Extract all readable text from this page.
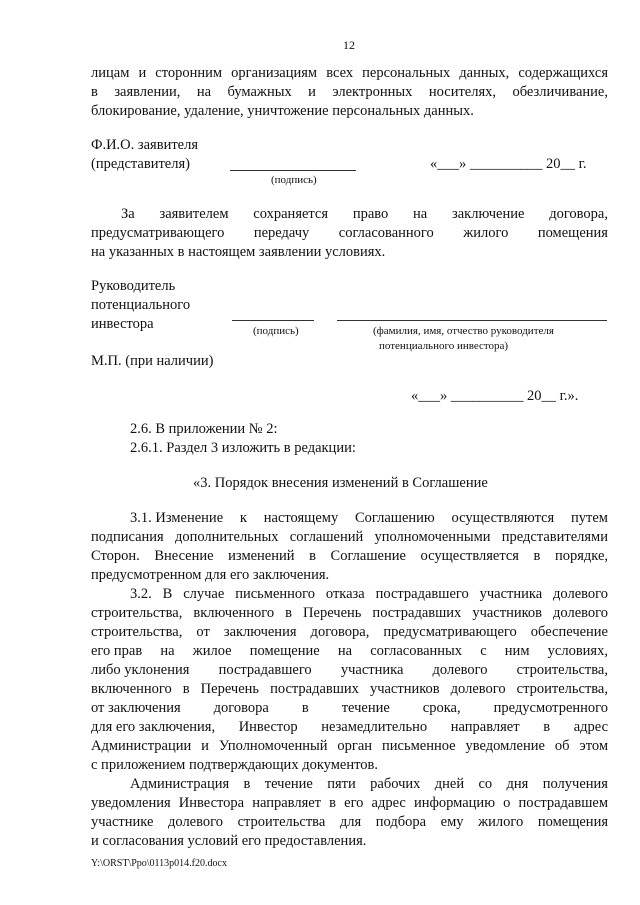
12
лицам и сторонним организациям всех персональных данных, содержащихся
в заявлении, на бумажных и электронных носителях, обезличивание,
блокирование, удаление, уничтожение персональных данных.
Ф.И.О. заявителя
(представителя)	«___» __________ 20__ г.
(подпись)
За заявителем сохраняется право на заключение договора,
предусматривающего передачу согласованного жилого помещения
на указанных в настоящем заявлении условиях.
Руководитель
потенциального
инвестора	(подпись)	(фамилия, имя, отчество руководителя
потенциального инвестора)
М.П. (при наличии)
«___» __________ 20__ г.».
2.6. В приложении № 2:
2.6.1. Раздел 3 изложить в редакции:
«3. Порядок внесения изменений в Соглашение
3.1. Изменение к настоящему Соглашению осуществляются путем
подписания дополнительных соглашений уполномоченными представителями
Сторон. Внесение изменений в Соглашение осуществляется в порядке,
предусмотренном для его заключения.
3.2. В случае письменного отказа пострадавшего участника долевого
строительства, включенного в Перечень пострадавших участников долевого
строительства, от заключения договора, предусматривающего обеспечение
его прав на жилое помещение на согласованных с ним условиях,
либо уклонения пострадавшего участника долевого строительства,
включенного в Перечень пострадавших участников долевого строительства,
от заключения договора в течение срока, предусмотренного
для его заключения, Инвестор незамедлительно направляет в адрес
Администрации и Уполномоченный орган письменное уведомление об этом
с приложением подтверждающих документов.
Администрация в течение пяти рабочих дней со дня получения
уведомления Инвестора направляет в его адрес информацию о пострадавшем
участнике долевого строительства для подбора ему жилого помещения
и согласования условий его предоставления.
Y:\ORST\Ppo\0113p014.f20.docx
